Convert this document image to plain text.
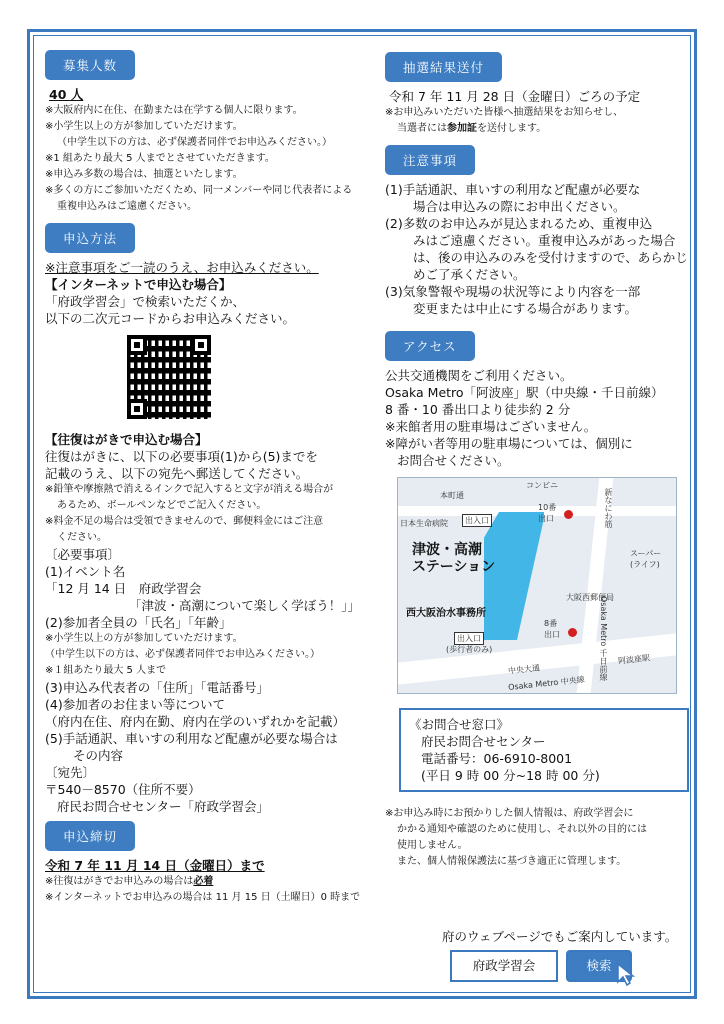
募集人数
40 人
※大阪府内に在住、在勤または在学する個人に限ります。
※小学生以上の方が参加していただけます。
（中学生以下の方は、必ず保護者同伴でお申込みください。）
※1 組あたり最大 5 人までとさせていただきます。
※申込み多数の場合は、抽選といたします。
※多くの方にご参加いただくため、同一メンバーや同じ代表者による
重複申込みはご遠慮ください。
申込方法
※注意事項をご一読のうえ、お申込みください。
【インターネットで申込む場合】
「府政学習会」で検索いただくか、
以下の二次元コードからお申込みください。
【往復はがきで申込む場合】
往復はがきに、以下の必要事項(1)から(5)までを
記載のうえ、以下の宛先へ郵送してください。
※鉛筆や摩擦熱で消えるインクで記入すると文字が消える場合が
あるため、ボールペンなどでご記入ください。
※料金不足の場合は受領できませんので、郵便料金にはご注意
ください。
〔必要事項〕
(1)イベント名
「12 月 14 日　府政学習会
「津波・高潮について楽しく学ぼう！」」
(2)参加者全員の「氏名」「年齢」
※小学生以上の方が参加していただけます。
（中学生以下の方は、必ず保護者同伴でお申込みください。）
※１組あたり最大 5 人まで
(3)申込み代表者の「住所」「電話番号」
(4)参加者のお住まい等について
（府内在住、府内在勤、府内在学のいずれかを記載）
(5)手話通訳、車いすの利用など配慮が必要な場合は
その内容
〔宛先〕
〒540－8570（住所不要）
府民お問合せセンター「府政学習会」
申込締切
令和 7 年 11 月 14 日（金曜日）まで
※往復はがきでお申込みの場合は必着
※インターネットでお申込みの場合は 11 月 15 日（土曜日）0 時まで
抽選結果送付
令和 7 年 11 月 28 日（金曜日）ごろの予定
※お申込みいただいた皆様へ抽選結果をお知らせし、
当選者には参加証を送付します。
注意事項
(1)手話通訳、車いすの利用など配慮が必要な
場合は申込みの際にお申出ください。
(2)多数のお申込みが見込まれるため、重複申込
みはご遠慮ください。重複申込みがあった場合
は、後の申込みのみを受付けますので、あらかじ
めご了承ください。
(3)気象警報や現場の状況等により内容を一部
変更または中止にする場合があります。
アクセス
公共交通機関をご利用ください。
Osaka Metro「阿波座」駅（中央線・千日前線）
8 番・10 番出口より徒歩約 2 分
※来館者用の駐車場はございません。
※障がい者等用の駐車場については、個別に
お問合せください。
本町通
日本生命病院
コンビニ
新なにわ筋
スーパー
(ライフ)
大阪西郵便局
Osaka Metro 中央線
Osaka Metro 千日前線 阿波座駅
中央大通
出入口
出入口
(歩行者のみ)
10番
出口
8番
出口
津波・高潮
ステーション
西大阪治水事務所
《お問合せ窓口》
府民お問合せセンター
電話番号：06-6910-8001
(平日 9 時 00 分~18 時 00 分)
※お申込み時にお預かりした個人情報は、府政学習会に
かかる通知や確認のために使用し、それ以外の目的には
使用しません。
また、個人情報保護法に基づき適正に管理します。
府のウェブページでもご案内しています。
府政学習会	検索
